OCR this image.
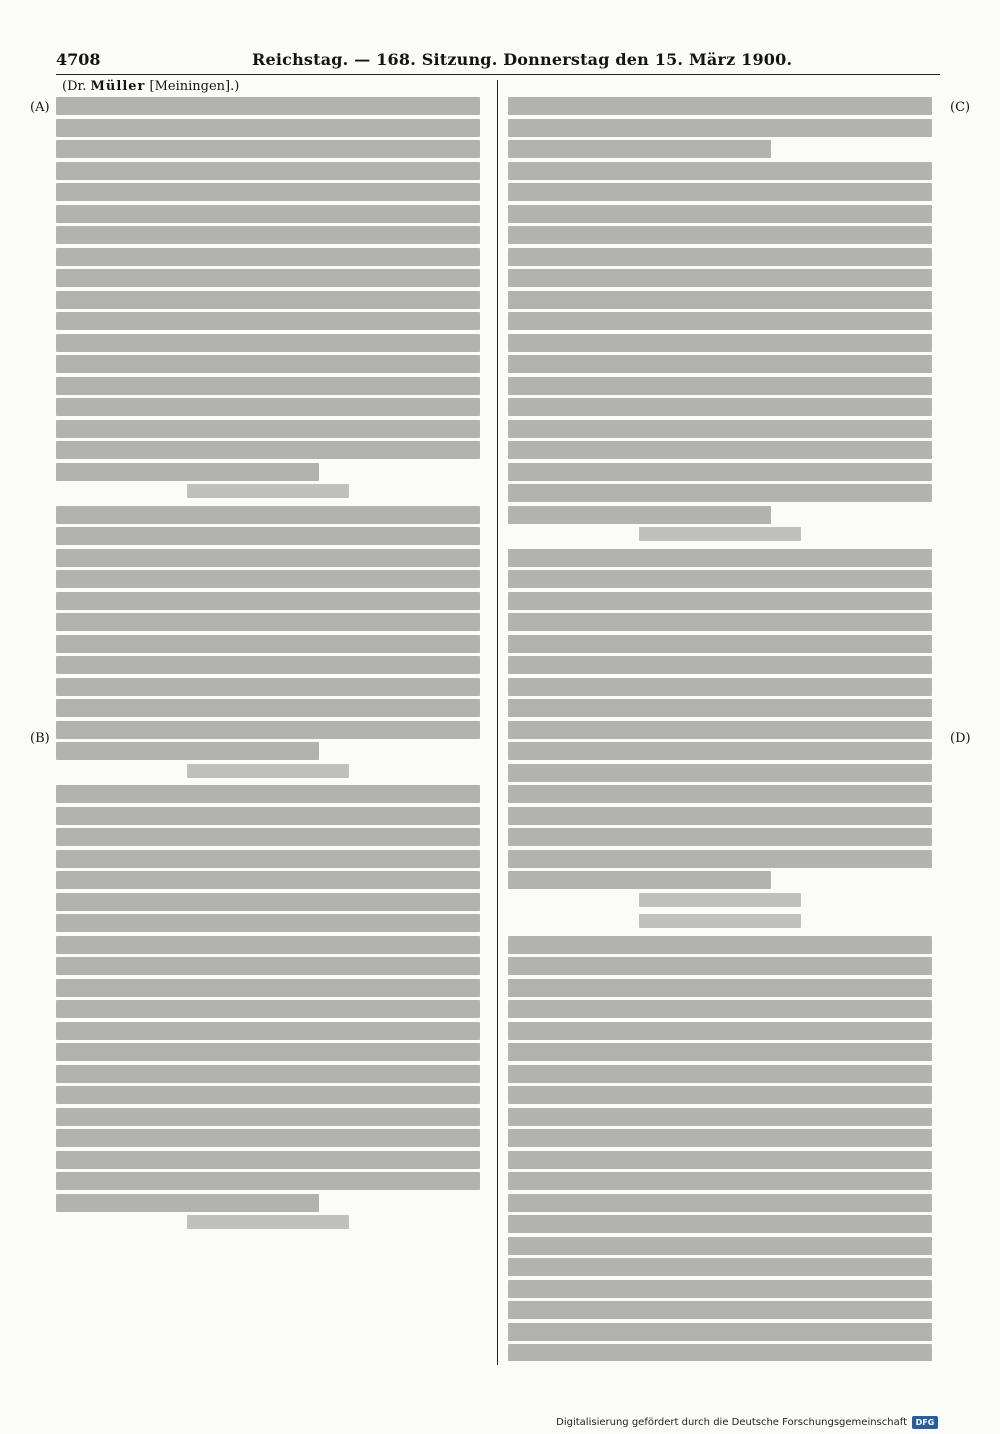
4708	Reichstag. — 168. Sitzung. Donnerstag den 15. März 1900.
(Dr. Müller [Meiningen].)
(A)
(B)
(C)
(D)
Digitalisierung gefördert durch die Deutsche Forschungsgemeinschaft	DFG
